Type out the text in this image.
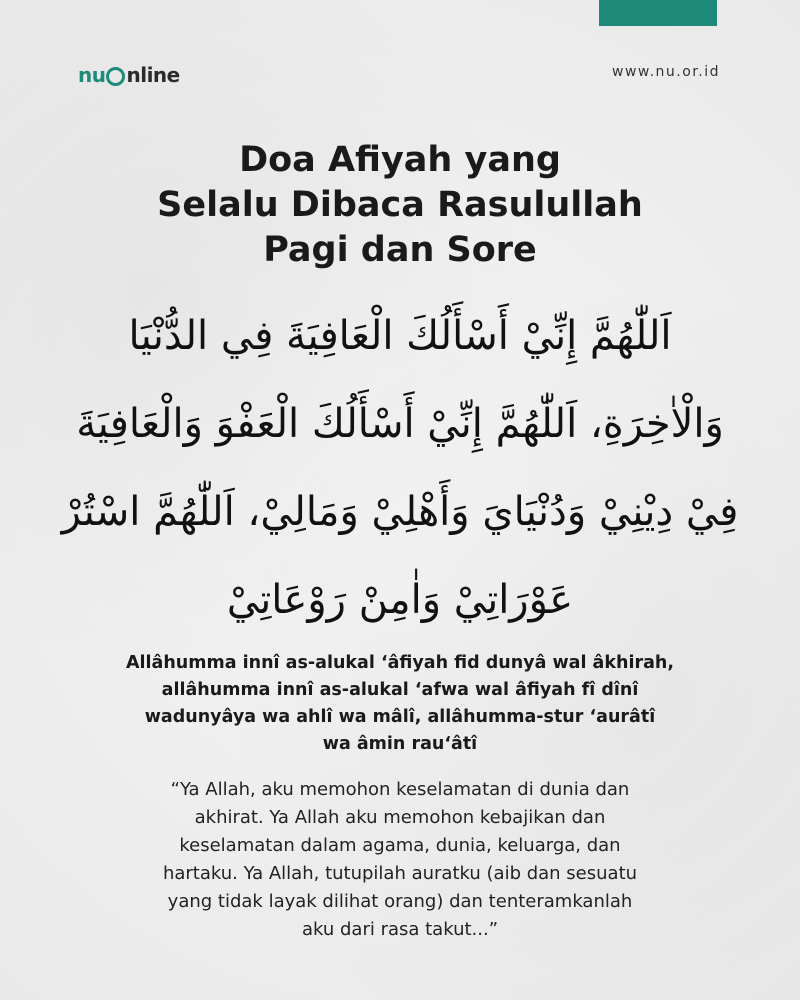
nu nline	www.nu.or.id
Doa Afiyah yang
Selalu Dibaca Rasulullah
Pagi dan Sore
اَللّٰهُمَّ إِنِّيْ أَسْأَلُكَ الْعَافِيَةَ فِي الدُّنْيَا
وَالْاٰخِرَةِ، اَللّٰهُمَّ إِنِّيْ أَسْأَلُكَ الْعَفْوَ وَالْعَافِيَةَ
فِيْ دِيْنِيْ وَدُنْيَايَ وَأَهْلِيْ وَمَالِيْ، اَللّٰهُمَّ اسْتُرْ
عَوْرَاتِيْ وَاٰمِنْ رَوْعَاتِيْ
Allâhumma innî as-alukal ‘âfiyah fid dunyâ wal âkhirah,
allâhumma innî as-alukal ‘afwa wal âfiyah fî dînî
wadunyâya wa ahlî wa mâlî, allâhumma-stur ‘aurâtî
wa âmin rau‘âtî
“Ya Allah, aku memohon keselamatan di dunia dan
akhirat. Ya Allah aku memohon kebajikan dan
keselamatan dalam agama, dunia, keluarga, dan
hartaku. Ya Allah, tutupilah auratku (aib dan sesuatu
yang tidak layak dilihat orang) dan tenteramkanlah
aku dari rasa takut...”
